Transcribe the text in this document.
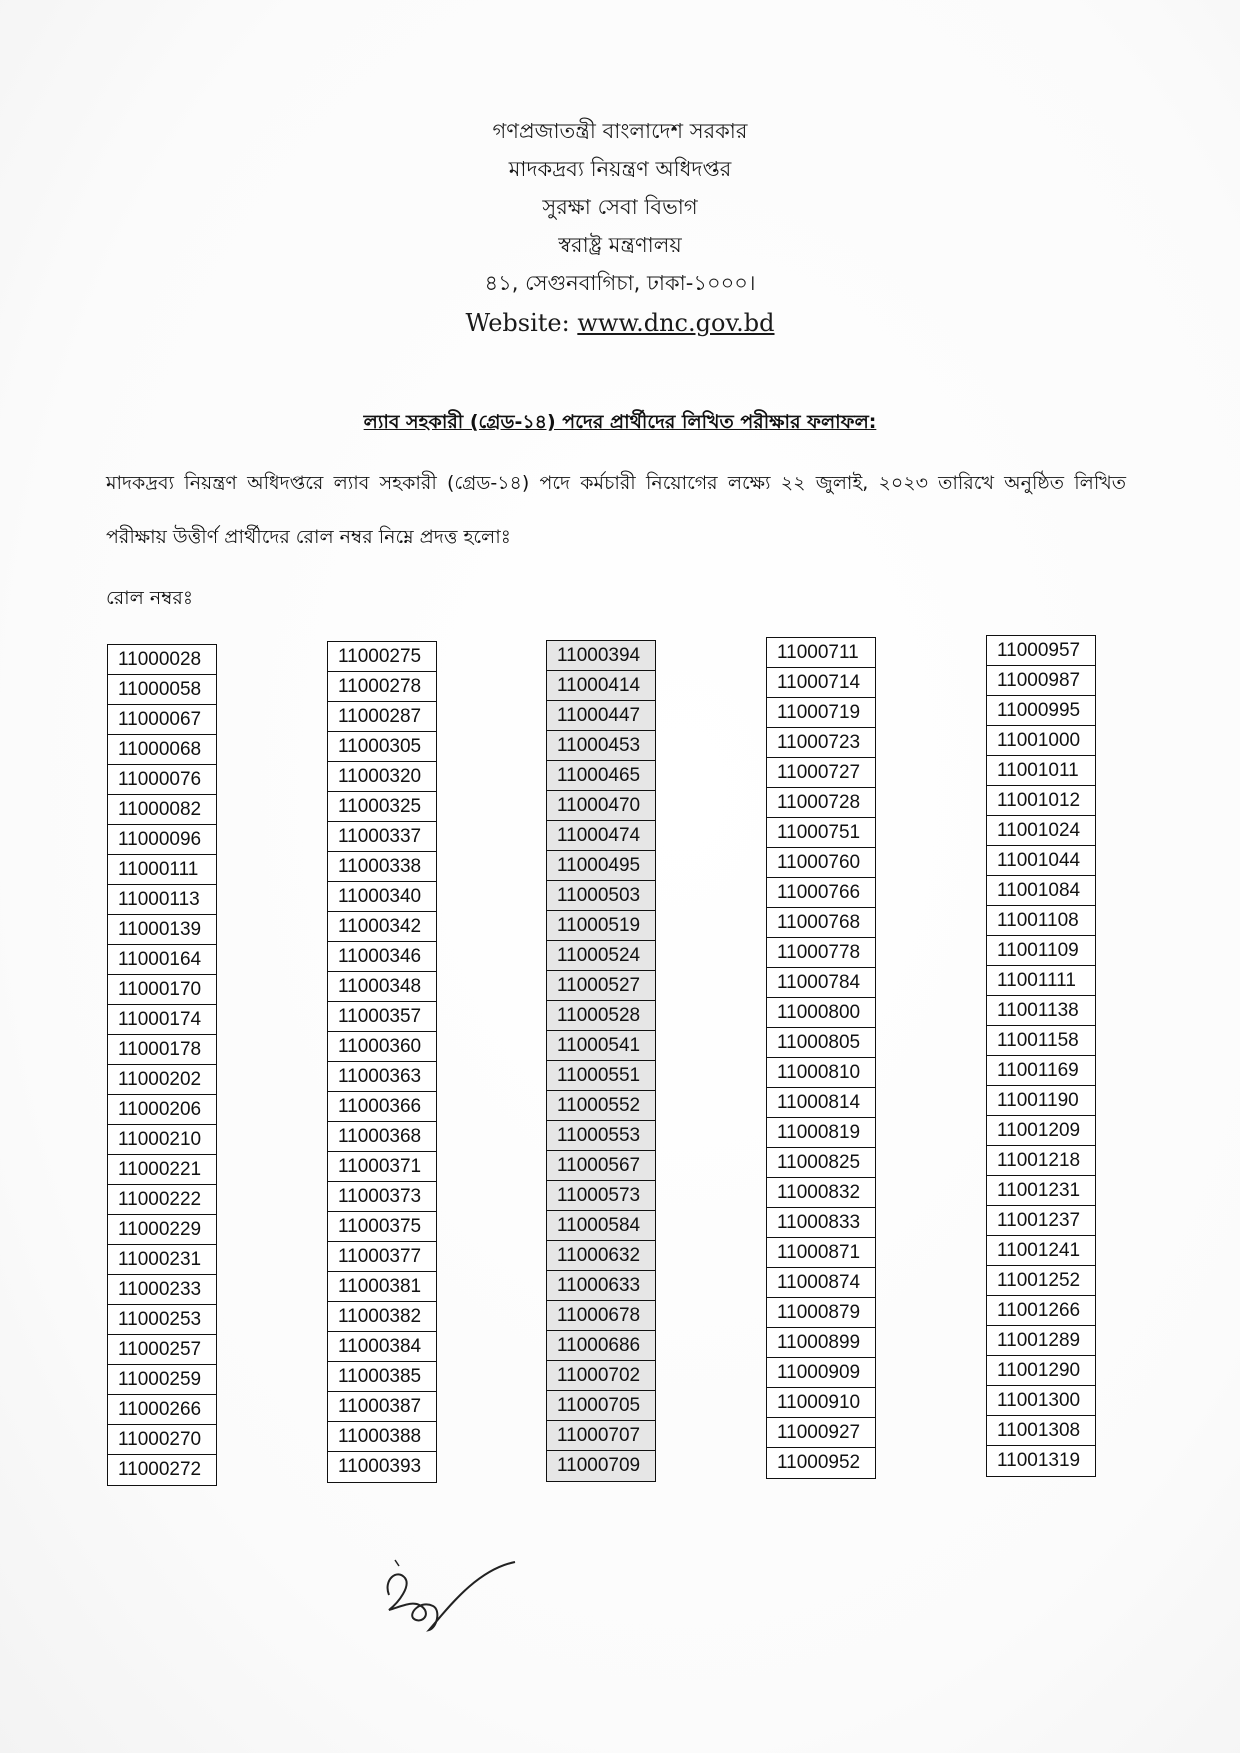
গণপ্রজাতন্ত্রী বাংলাদেশ সরকার
মাদকদ্রব্য নিয়ন্ত্রণ অধিদপ্তর
সুরক্ষা সেবা বিভাগ
স্বরাষ্ট্র মন্ত্রণালয়
৪১, সেগুনবাগিচা, ঢাকা-১০০০।
Website: www.dnc.gov.bd
ল্যাব সহকারী (গ্রেড-১৪) পদের প্রার্থীদের লিখিত পরীক্ষার ফলাফল:
মাদকদ্রব্য নিয়ন্ত্রণ অধিদপ্তরে ল্যাব সহকারী (গ্রেড-১৪) পদে কর্মচারী নিয়োগের লক্ষ্যে ২২ জুলাই, ২০২৩ তারিখে অনুষ্ঠিত লিখিত পরীক্ষায় উত্তীর্ণ প্রার্থীদের রোল নম্বর নিম্নে প্রদত্ত হলোঃ
রোল নম্বরঃ
11000028
11000058
11000067
11000068
11000076
11000082
11000096
11000111
11000113
11000139
11000164
11000170
11000174
11000178
11000202
11000206
11000210
11000221
11000222
11000229
11000231
11000233
11000253
11000257
11000259
11000266
11000270
11000272
11000275
11000278
11000287
11000305
11000320
11000325
11000337
11000338
11000340
11000342
11000346
11000348
11000357
11000360
11000363
11000366
11000368
11000371
11000373
11000375
11000377
11000381
11000382
11000384
11000385
11000387
11000388
11000393
11000394
11000414
11000447
11000453
11000465
11000470
11000474
11000495
11000503
11000519
11000524
11000527
11000528
11000541
11000551
11000552
11000553
11000567
11000573
11000584
11000632
11000633
11000678
11000686
11000702
11000705
11000707
11000709
11000711
11000714
11000719
11000723
11000727
11000728
11000751
11000760
11000766
11000768
11000778
11000784
11000800
11000805
11000810
11000814
11000819
11000825
11000832
11000833
11000871
11000874
11000879
11000899
11000909
11000910
11000927
11000952
11000957
11000987
11000995
11001000
11001011
11001012
11001024
11001044
11001084
11001108
11001109
11001111
11001138
11001158
11001169
11001190
11001209
11001218
11001231
11001237
11001241
11001252
11001266
11001289
11001290
11001300
11001308
11001319
